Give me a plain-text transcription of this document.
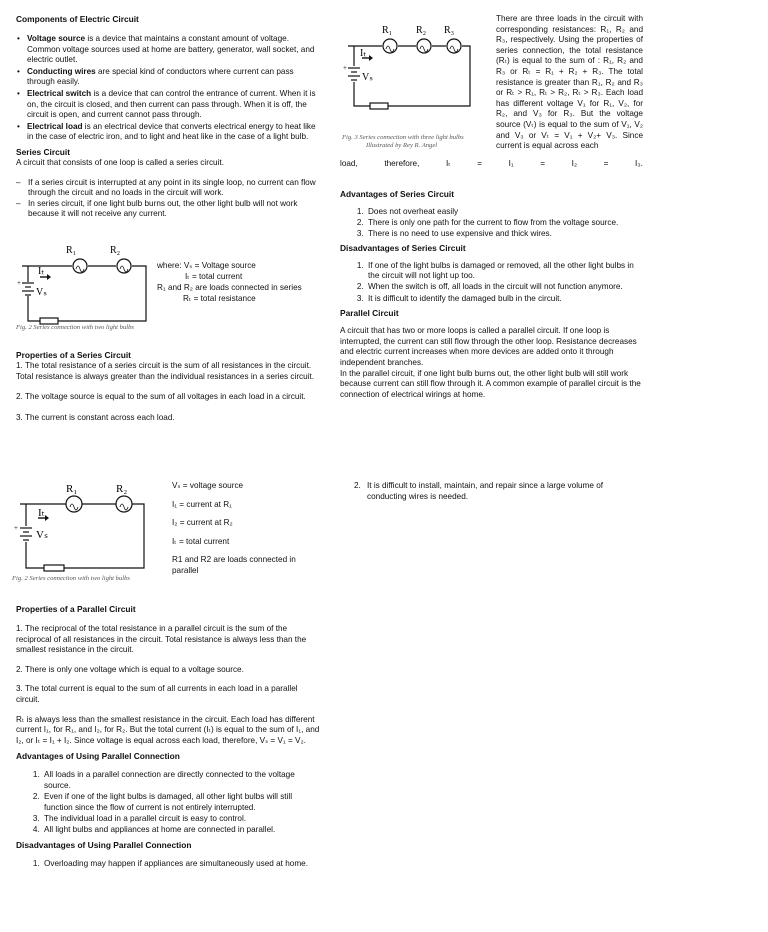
Components of Electric Circuit
• Voltage source is a device that maintains a constant amount of voltage. Common voltage sources used at home are battery, generator, wall socket, and electric outlet.
• Conducting wires are special kind of conductors where current can pass through easily.
• Electrical switch is a device that can control the entrance of current. When it is on, the circuit is closed, and then current can pass through. When it is off, the circuit is open, and current cannot pass through.
• Electrical load is an electrical device that converts electrical energy to heat like in the case of electric iron, and to light and heat like in the case of a light bulb.
Series Circuit

A circuit that consists of one loop is called a series circuit.

– If a series circuit is interrupted at any point in its single loop, no current can flow through the circuit and no loads in the circuit will work.
– In series circuit, if one light bulb burns out, the other light bulb will not work because it will not receive any current.
R₁	R₂
Iₜ
Vₛ
+
Fig. 2 Series connection with two light bulbs
where: Vₛ = Voltage source
Iₜ = total current
R₁ and R₂ are loads connected in series
Rₜ = total resistance
Properties of a Series Circuit

1. The total resistance of a series circuit is the sum of all resistances in the circuit. Total resistance is always greater than the individual resistances in a series circuit.

2. The voltage source is equal to the sum of all voltages in each load in a circuit.

3. The current is constant across each load.

R₁ R₂ R₃
Iₜ
Vₛ
+
Fig. 3 Series connection with three light bulbs
Illustrated by Rey R. Angel
There are three loads in the circuit with corresponding resistances: R₁, R₂ and R₃, respectively. Using the properties of series connection, the total resistance (Rₜ) is equal to the sum of : R₁, R₂ and R₃ or Rₜ = R₁ + R₂ + R₃. The total resistance is greater than R₁, R₂ and R₃ or Rₜ > R₁, Rₜ > R₂, Rₜ > R₃. Each load has different voltage V₁ for R₁, V₂, for R₂, and V₃ for R₃. But the voltage source (Vₜ) is equal to the sum of V₁, V₂ and V₃ or Vₜ = V₁ + V₂+ V₃. Since current is equal across each
load,	therefore,	Iₜ	=	I₁	=	I₂	=	I₃.
Advantages of Series Circuit
1. Does not overheat easily
2. There is only one path for the current to flow from the voltage source.
3. There is no need to use expensive and thick wires.
Disadvantages of Series Circuit
1. If one of the light bulbs is damaged or removed, all the other light bulbs in the circuit will not light up too.
2. When the switch is off, all loads in the circuit will not function anymore.
3. It is difficult to identify the damaged bulb in the circuit.
Parallel Circuit

A circuit that has two or more loops is called a parallel circuit. If one loop is interrupted, the current can still flow through the other loop. Resistance decreases and electric current increases when more devices are added onto it through independent branches.

In the parallel circuit, if one light bulb burns out, the other light bulb will still work because current can still flow through it. A common example of parallel circuit is the connection of electrical wirings at home.

R₁	R₂
Iₜ
Vₛ
+
Fig. 2 Series connection with two light bulbs
Vₛ = voltage source
I₁ = current at R₁
I₂ = current at R₂
Iₜ = total current
R1 and R2 are loads connected in parallel
Properties of a Parallel Circuit

1. The reciprocal of the total resistance in a parallel circuit is the sum of the reciprocal of all resistances in the circuit. Total resistance is always less than the smallest resistance in the circuit.

2. There is only one voltage which is equal to a voltage source.

3. The total current is equal to the sum of all currents in each load in a parallel circuit.

Rₜ is always less than the smallest resistance in the circuit. Each load has different current I₁, for R₁, and I₂, for R₂. But the total current (Iₜ) is equal to the sum of I₁, and I₂, or Iₜ = I₁ + I₂. Since voltage is equal across each load, therefore, Vₛ = V₁ = V₂.

Advantages of Using Parallel Connection
1. All loads in a parallel connection are directly connected to the voltage source.
2. Even if one of the light bulbs is damaged, all other light bulbs will still function since the flow of current is not entirely interrupted.
3. The individual load in a parallel circuit is easy to control.
4. All light bulbs and appliances at home are connected in parallel.
Disadvantages of Using Parallel Connection
1. Overloading may happen if appliances are simultaneously used at home.
2. It is difficult to install, maintain, and repair since a large volume of conducting wires is needed.
